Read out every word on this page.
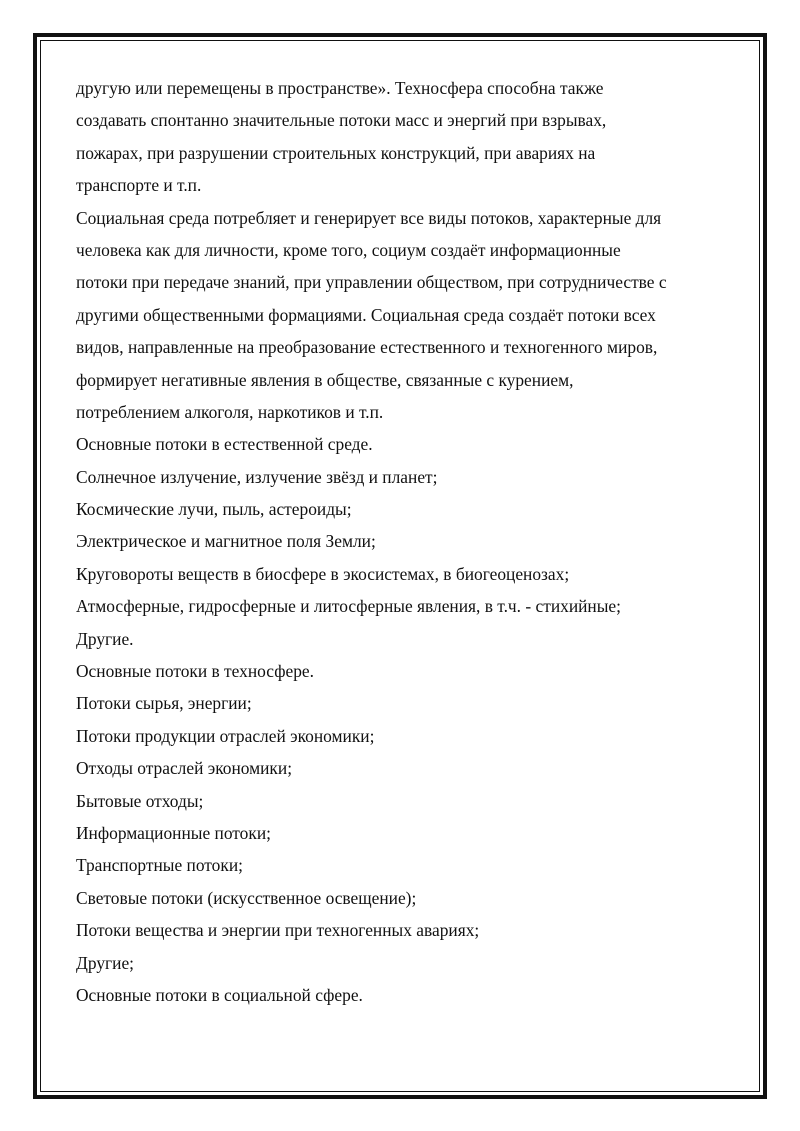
другую или перемещены в пространстве». Техносфера способна также
создавать спонтанно значительные потоки масс и энергий при взрывах,
пожарах, при разрушении строительных конструкций, при авариях на
транспорте и т.п.
Социальная среда потребляет и генерирует все виды потоков, характерные для
человека как для личности, кроме того, социум создаёт информационные
потоки при передаче знаний, при управлении обществом, при сотрудничестве с
другими общественными формациями. Социальная среда создаёт потоки всех
видов, направленные на преобразование естественного и техногенного миров,
формирует негативные явления в обществе, связанные с курением,
потреблением алкоголя, наркотиков и т.п.
Основные потоки в естественной среде.
Солнечное излучение, излучение звёзд и планет;
Космические лучи, пыль, астероиды;
Электрическое и магнитное поля Земли;
Круговороты веществ в биосфере в экосистемах, в биогеоценозах;
Атмосферные, гидросферные и литосферные явления, в т.ч. - стихийные;
Другие.
Основные потоки в техносфере.
Потоки сырья, энергии;
Потоки продукции отраслей экономики;
Отходы отраслей экономики;
Бытовые отходы;
Информационные потоки;
Транспортные потоки;
Световые потоки (искусственное освещение);
Потоки вещества и энергии при техногенных авариях;
Другие;
Основные потоки в социальной сфере.
